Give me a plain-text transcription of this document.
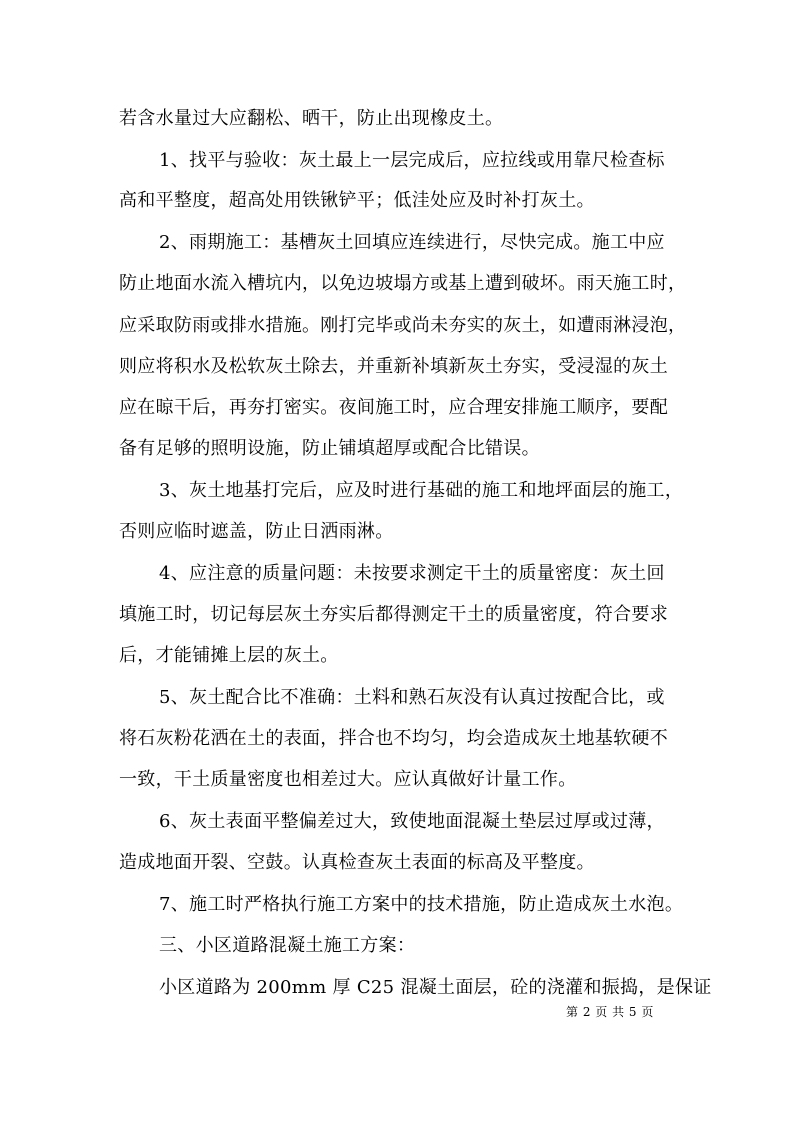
若含水量过大应翻松、晒干，防止出现橡皮土。
1、找平与验收：灰土最上一层完成后，应拉线或用靠尺检查标
高和平整度，超高处用铁锹铲平；低洼处应及时补打灰土。
2、雨期施工：基槽灰土回填应连续进行，尽快完成。施工中应
防止地面水流入槽坑内，以免边坡塌方或基上遭到破坏。雨天施工时，
应采取防雨或排水措施。刚打完毕或尚未夯实的灰土，如遭雨淋浸泡，
则应将积水及松软灰土除去，并重新补填新灰土夯实，受浸湿的灰土
应在晾干后，再夯打密实。夜间施工时，应合理安排施工顺序，要配
备有足够的照明设施，防止铺填超厚或配合比错误。
3、灰土地基打完后，应及时进行基础的施工和地坪面层的施工，
否则应临时遮盖，防止日洒雨淋。
4、应注意的质量问题：未按要求测定干土的质量密度：灰土回
填施工时，切记每层灰土夯实后都得测定干土的质量密度，符合要求
后，才能铺摊上层的灰土。
5、灰土配合比不准确：土料和熟石灰没有认真过按配合比，或
将石灰粉花洒在土的表面，拌合也不均匀，均会造成灰土地基软硬不
一致，干土质量密度也相差过大。应认真做好计量工作。
6、灰土表面平整偏差过大，致使地面混凝土垫层过厚或过薄，
造成地面开裂、空鼓。认真检查灰土表面的标高及平整度。
7、施工时严格执行施工方案中的技术措施，防止造成灰土水泡。
三、小区道路混凝土施工方案：
小区道路为 200mm 厚 C25 混凝土面层，砼的浇灌和振捣，是保证
第 2 页 共 5 页
